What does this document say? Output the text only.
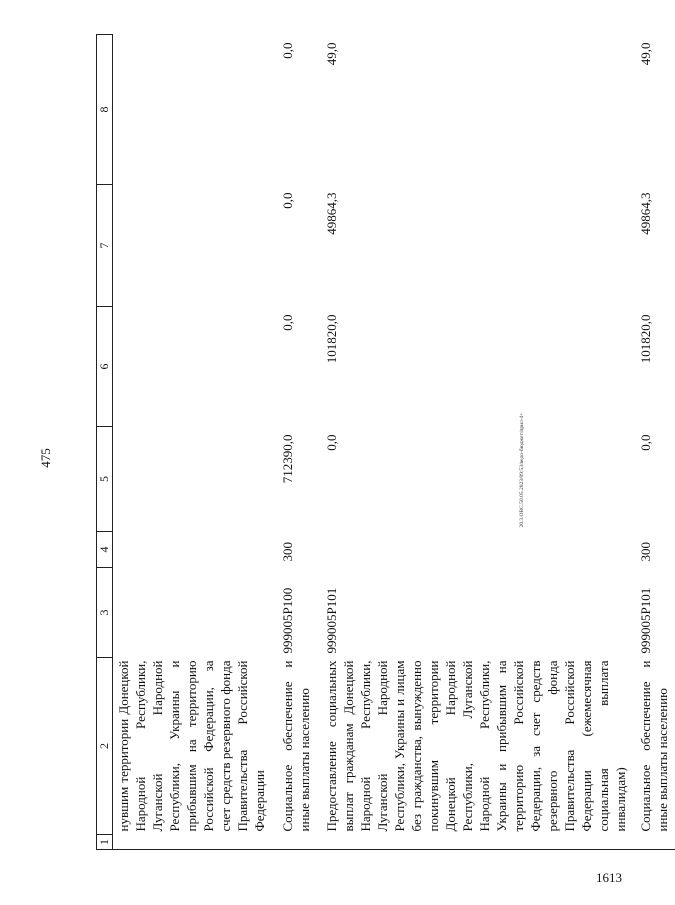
475	20.3.ОВС.50.05.2023/09:53/ведо-бюджет/прил-4+
1613
1	2	3	4	5	6	7	8
	нувшим территории Донецкой Народной Республики, Луганской Народной Республики, Украины и прибывшим на территорию Российской Федерации, за счет средств резервного фонда Правительства Российской Федерации						
	Социальное обеспечение и иные выплаты населению	999005Р100	300	712390,0	0,0	0,0	0,0
	Предоставление социальных выплат гражданам Донецкой Народной Республики, Луганской Народной Республики, Украины и лицам без гражданства, вынужденно покинувшим территории Донецкой Народной Республики, Луганской Народной Республики, Украины и прибывшим на территорию Российской Федерации, за счет средств резервного фонда Правительства Российской Федерации (ежемесячная социальная выплата инвалидам)	999005Р101		0,0	101820,0	49864,3	49,0
	Социальное обеспечение и иные выплаты населению	999005Р101	300	0,0	101820,0	49864,3	49,0
